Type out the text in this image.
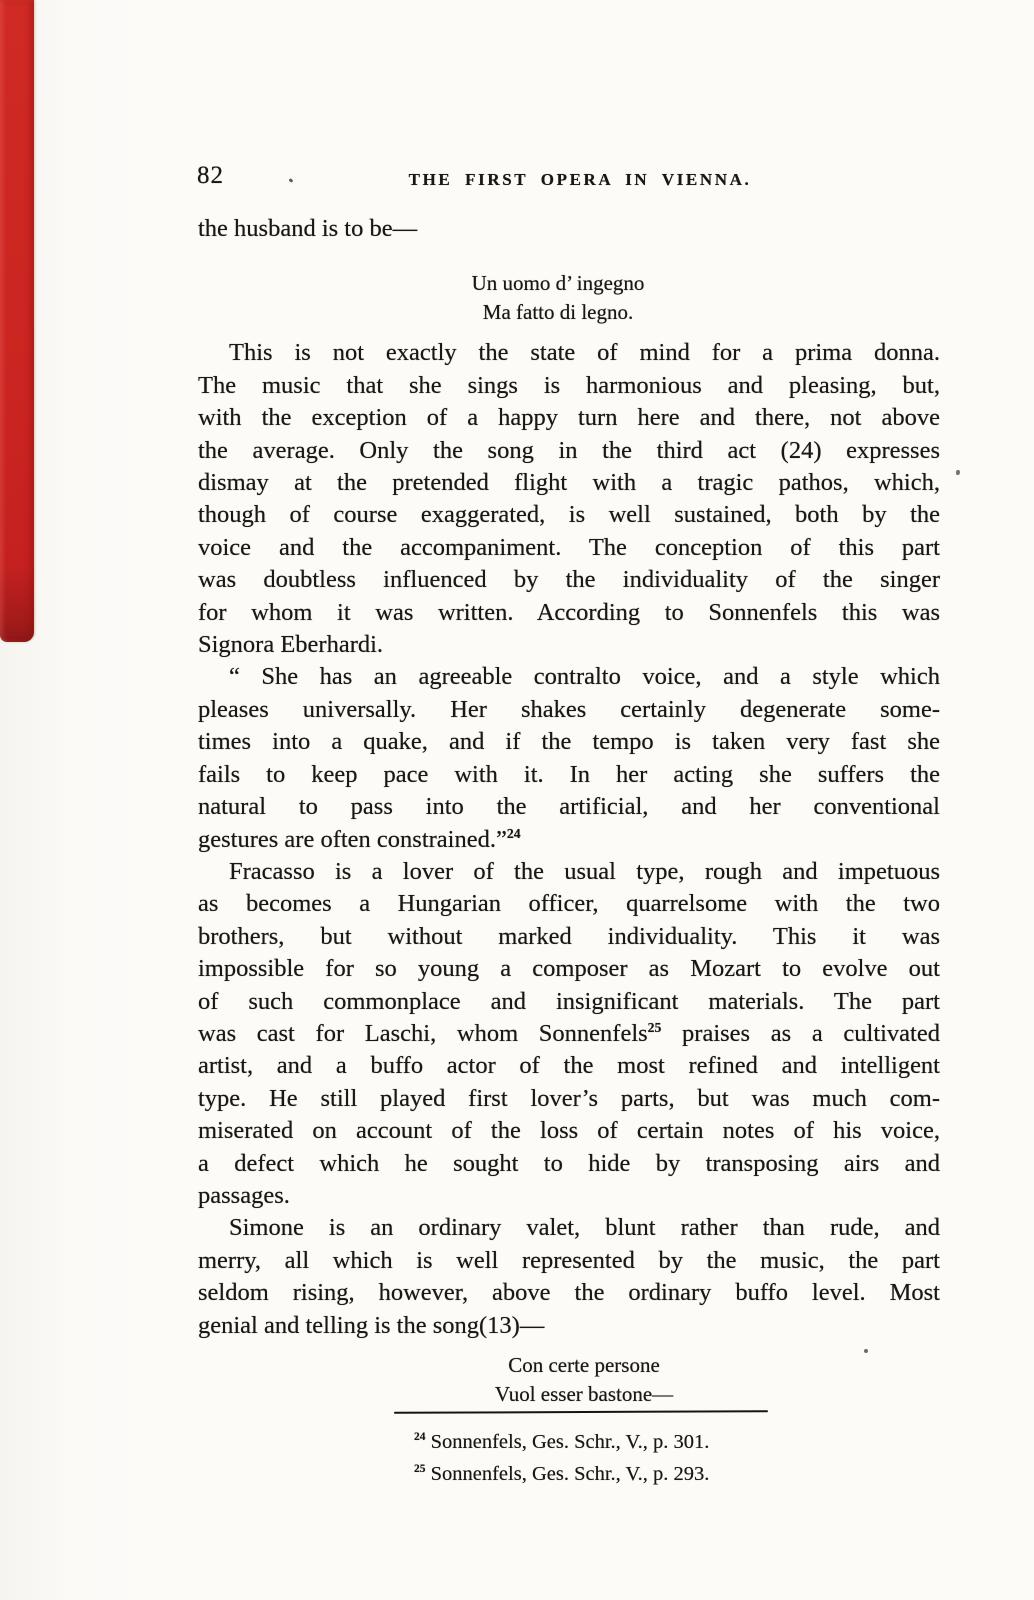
82	THE FIRST OPERA IN VIENNA.
the husband is to be—
Un uomo d’ ingegno
Ma fatto di legno.
This is not exactly the state of mind for a prima donna.
The music that she sings is harmonious and pleasing, but,
with the exception of a happy turn here and there, not above
the average. Only the song in the third act (24) expresses
dismay at the pretended flight with a tragic pathos, which,
though of course exaggerated, is well sustained, both by the
voice and the accompaniment. The conception of this part
was doubtless influenced by the individuality of the singer
for whom it was written. According to Sonnenfels this was
Signora Eberhardi.
“ She has an agreeable contralto voice, and a style which
pleases universally. Her shakes certainly degenerate some-
times into a quake, and if the tempo is taken very fast she
fails to keep pace with it. In her acting she suffers the
natural to pass into the artificial, and her conventional
gestures are often constrained.”$^{24}$
Fracasso is a lover of the usual type, rough and impetuous
as becomes a Hungarian officer, quarrelsome with the two
brothers, but without marked individuality. This it was
impossible for so young a composer as Mozart to evolve out
of such commonplace and insignificant materials. The part
was cast for Laschi, whom Sonnenfels$^{25}$ praises as a cultivated
artist, and a buffo actor of the most refined and intelligent
type. He still played first lover’s parts, but was much com-
miserated on account of the loss of certain notes of his voice,
a defect which he sought to hide by transposing airs and
passages.
Simone is an ordinary valet, blunt rather than rude, and
merry, all which is well represented by the music, the part
seldom rising, however, above the ordinary buffo level. Most
genial and telling is the song(13)—
Con certe persone
Vuol esser bastone—
$^{24}$ Sonnenfels, Ges. Schr., V., p. 301.
$^{25}$ Sonnenfels, Ges. Schr., V., p. 293.
